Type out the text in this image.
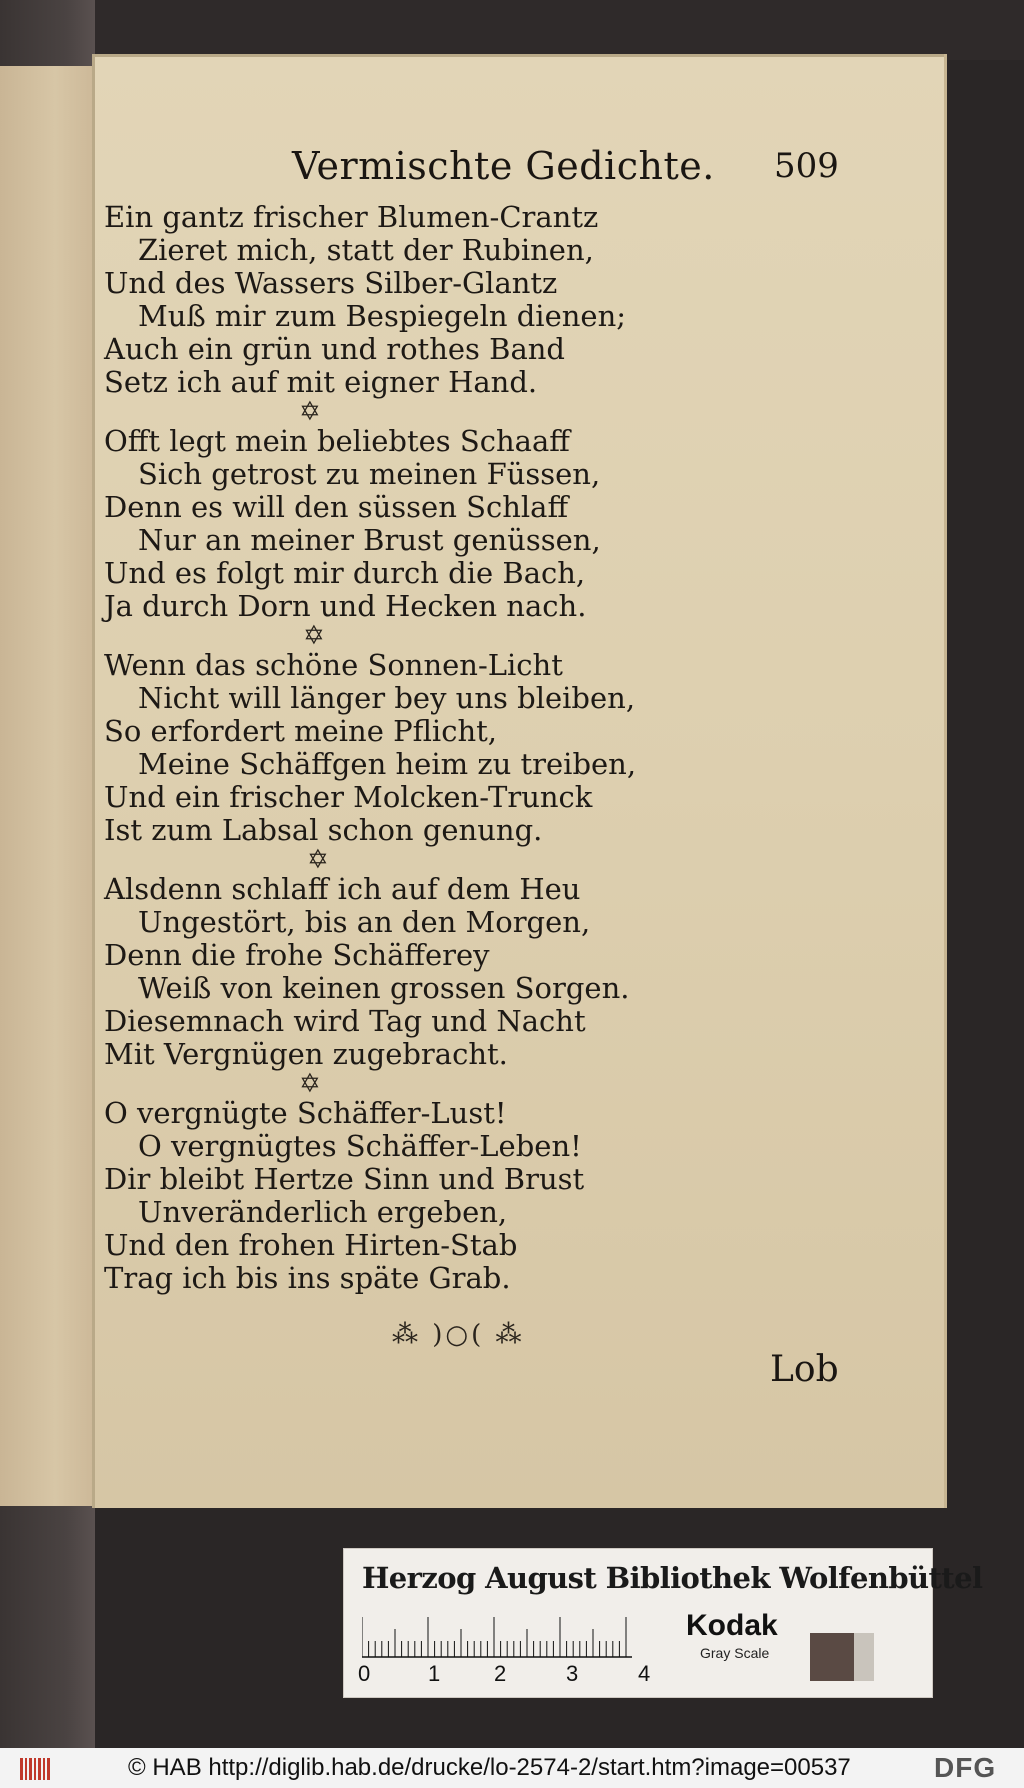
Vermischte Gedichte. 509
Ein gantz frischer Blumen-Crantz
Zieret mich, statt der Rubinen,
Und des Wassers Silber-Glantz
Muß mir zum Bespiegeln dienen;
Auch ein grün und rothes Band
Setz ich auf mit eigner Hand.
✡
Offt legt mein beliebtes Schaaff
Sich getrost zu meinen Füssen,
Denn es will den süssen Schlaff
Nur an meiner Brust genüssen,
Und es folgt mir durch die Bach,
Ja durch Dorn und Hecken nach.
✡
Wenn das schöne Sonnen-Licht
Nicht will länger bey uns bleiben,
So erfordert meine Pflicht,
Meine Schäffgen heim zu treiben,
Und ein frischer Molcken-Trunck
Ist zum Labsal schon genung.
✡
Alsdenn schlaff ich auf dem Heu
Ungestört, bis an den Morgen,
Denn die frohe Schäfferey
Weiß von keinen grossen Sorgen.
Diesemnach wird Tag und Nacht
Mit Vergnügen zugebracht.
✡
O vergnügte Schäffer-Lust!
O vergnügtes Schäffer-Leben!
Dir bleibt Hertze Sinn und Brust
Unveränderlich ergeben,
Und den frohen Hirten-Stab
Trag ich bis ins späte Grab.
⁂ )○( ⁂
Lob
Herzog August Bibliothek Wolfenbüttel
0	1 2	3	4
Kodak
Gray Scale
© HAB http://diglib.hab.de/drucke/lo-2574-2/start.htm?image=00537	DFG
